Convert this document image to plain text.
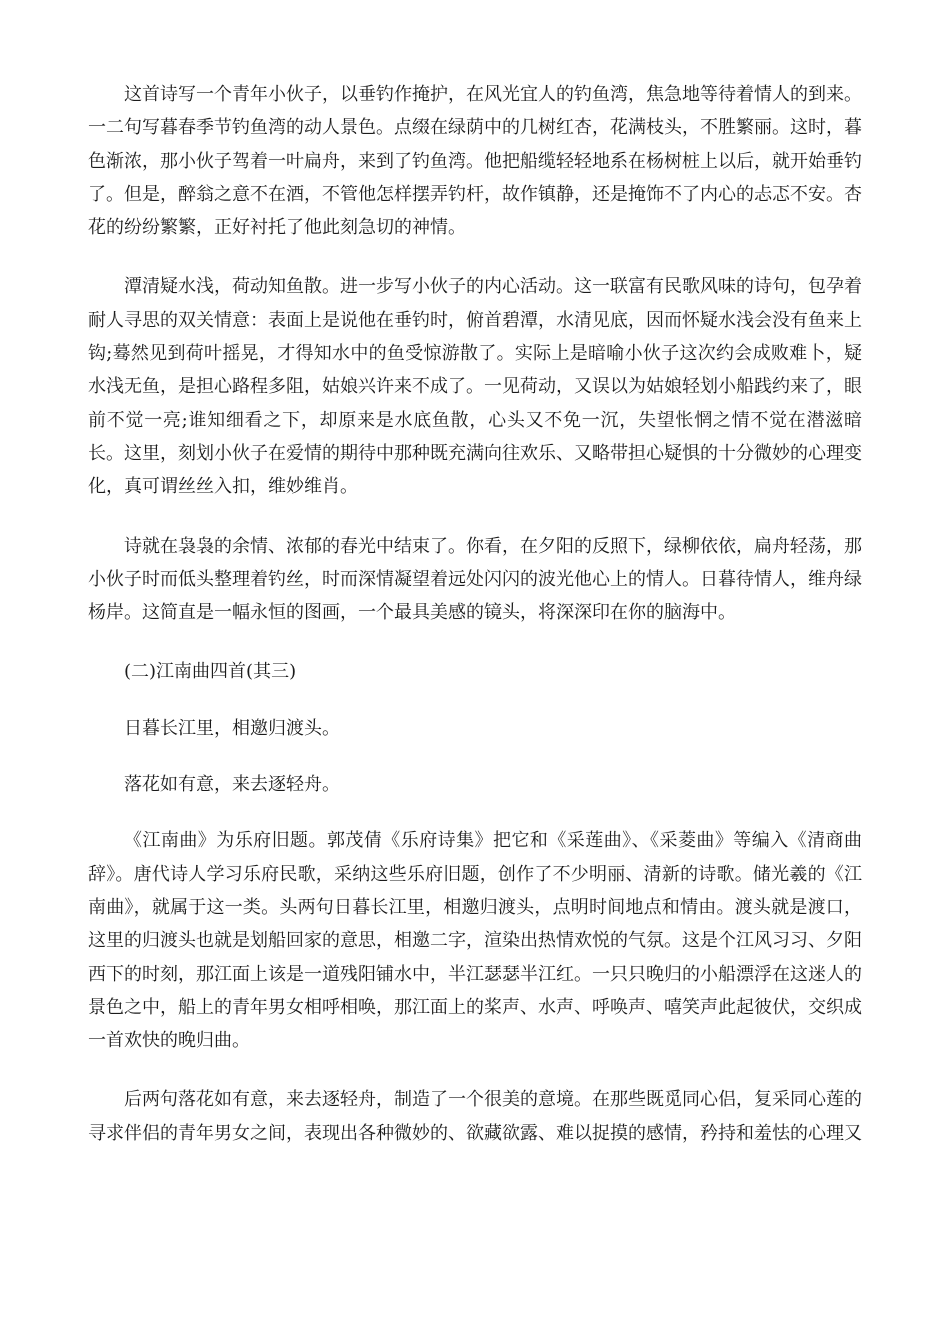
这首诗写一个青年小伙子，以垂钓作掩护，在风光宜人的钓鱼湾，焦急地等待着情人的到来。一二句写暮春季节钓鱼湾的动人景色。点缀在绿荫中的几树红杏，花满枝头，不胜繁丽。这时，暮色渐浓，那小伙子驾着一叶扁舟，来到了钓鱼湾。他把船缆轻轻地系在杨树桩上以后，就开始垂钓了。但是，醉翁之意不在酒，不管他怎样摆弄钓杆，故作镇静，还是掩饰不了内心的忐忑不安。杏花的纷纷繁繁，正好衬托了他此刻急切的神情。

潭清疑水浅，荷动知鱼散。进一步写小伙子的内心活动。这一联富有民歌风味的诗句，包孕着耐人寻思的双关情意：表面上是说他在垂钓时，俯首碧潭，水清见底，因而怀疑水浅会没有鱼来上钩;蓦然见到荷叶摇晃，才得知水中的鱼受惊游散了。实际上是暗喻小伙子这次约会成败难卜，疑水浅无鱼，是担心路程多阻，姑娘兴许来不成了。一见荷动，又误以为姑娘轻划小船践约来了，眼前不觉一亮;谁知细看之下，却原来是水底鱼散，心头又不免一沉，失望怅惘之情不觉在潜滋暗长。这里，刻划小伙子在爱情的期待中那种既充满向往欢乐、又略带担心疑惧的十分微妙的心理变化，真可谓丝丝入扣，维妙维肖。

诗就在袅袅的余情、浓郁的春光中结束了。你看，在夕阳的反照下，绿柳依依，扁舟轻荡，那小伙子时而低头整理着钓丝，时而深情凝望着远处闪闪的波光他心上的情人。日暮待情人，维舟绿杨岸。这简直是一幅永恒的图画，一个最具美感的镜头，将深深印在你的脑海中。

(二)江南曲四首(其三)

日暮长江里，相邀归渡头。

落花如有意，来去逐轻舟。

《江南曲》为乐府旧题。郭茂倩《乐府诗集》把它和《采莲曲》、《采菱曲》等编入《清商曲辞》。唐代诗人学习乐府民歌，采纳这些乐府旧题，创作了不少明丽、清新的诗歌。储光羲的《江南曲》，就属于这一类。头两句日暮长江里，相邀归渡头，点明时间地点和情由。渡头就是渡口，这里的归渡头也就是划船回家的意思，相邀二字，渲染出热情欢悦的气氛。这是个江风习习、夕阳西下的时刻，那江面上该是一道残阳铺水中，半江瑟瑟半江红。一只只晚归的小船漂浮在这迷人的景色之中，船上的青年男女相呼相唤，那江面上的桨声、水声、呼唤声、嘻笑声此起彼伏，交织成一首欢快的晚归曲。

后两句落花如有意，来去逐轻舟，制造了一个很美的意境。在那些既觅同心侣，复采同心莲的寻求伴侣的青年男女之间，表现出各种微妙的、欲藏欲露、难以捉摸的感情，矜持和羞怯的心理又
